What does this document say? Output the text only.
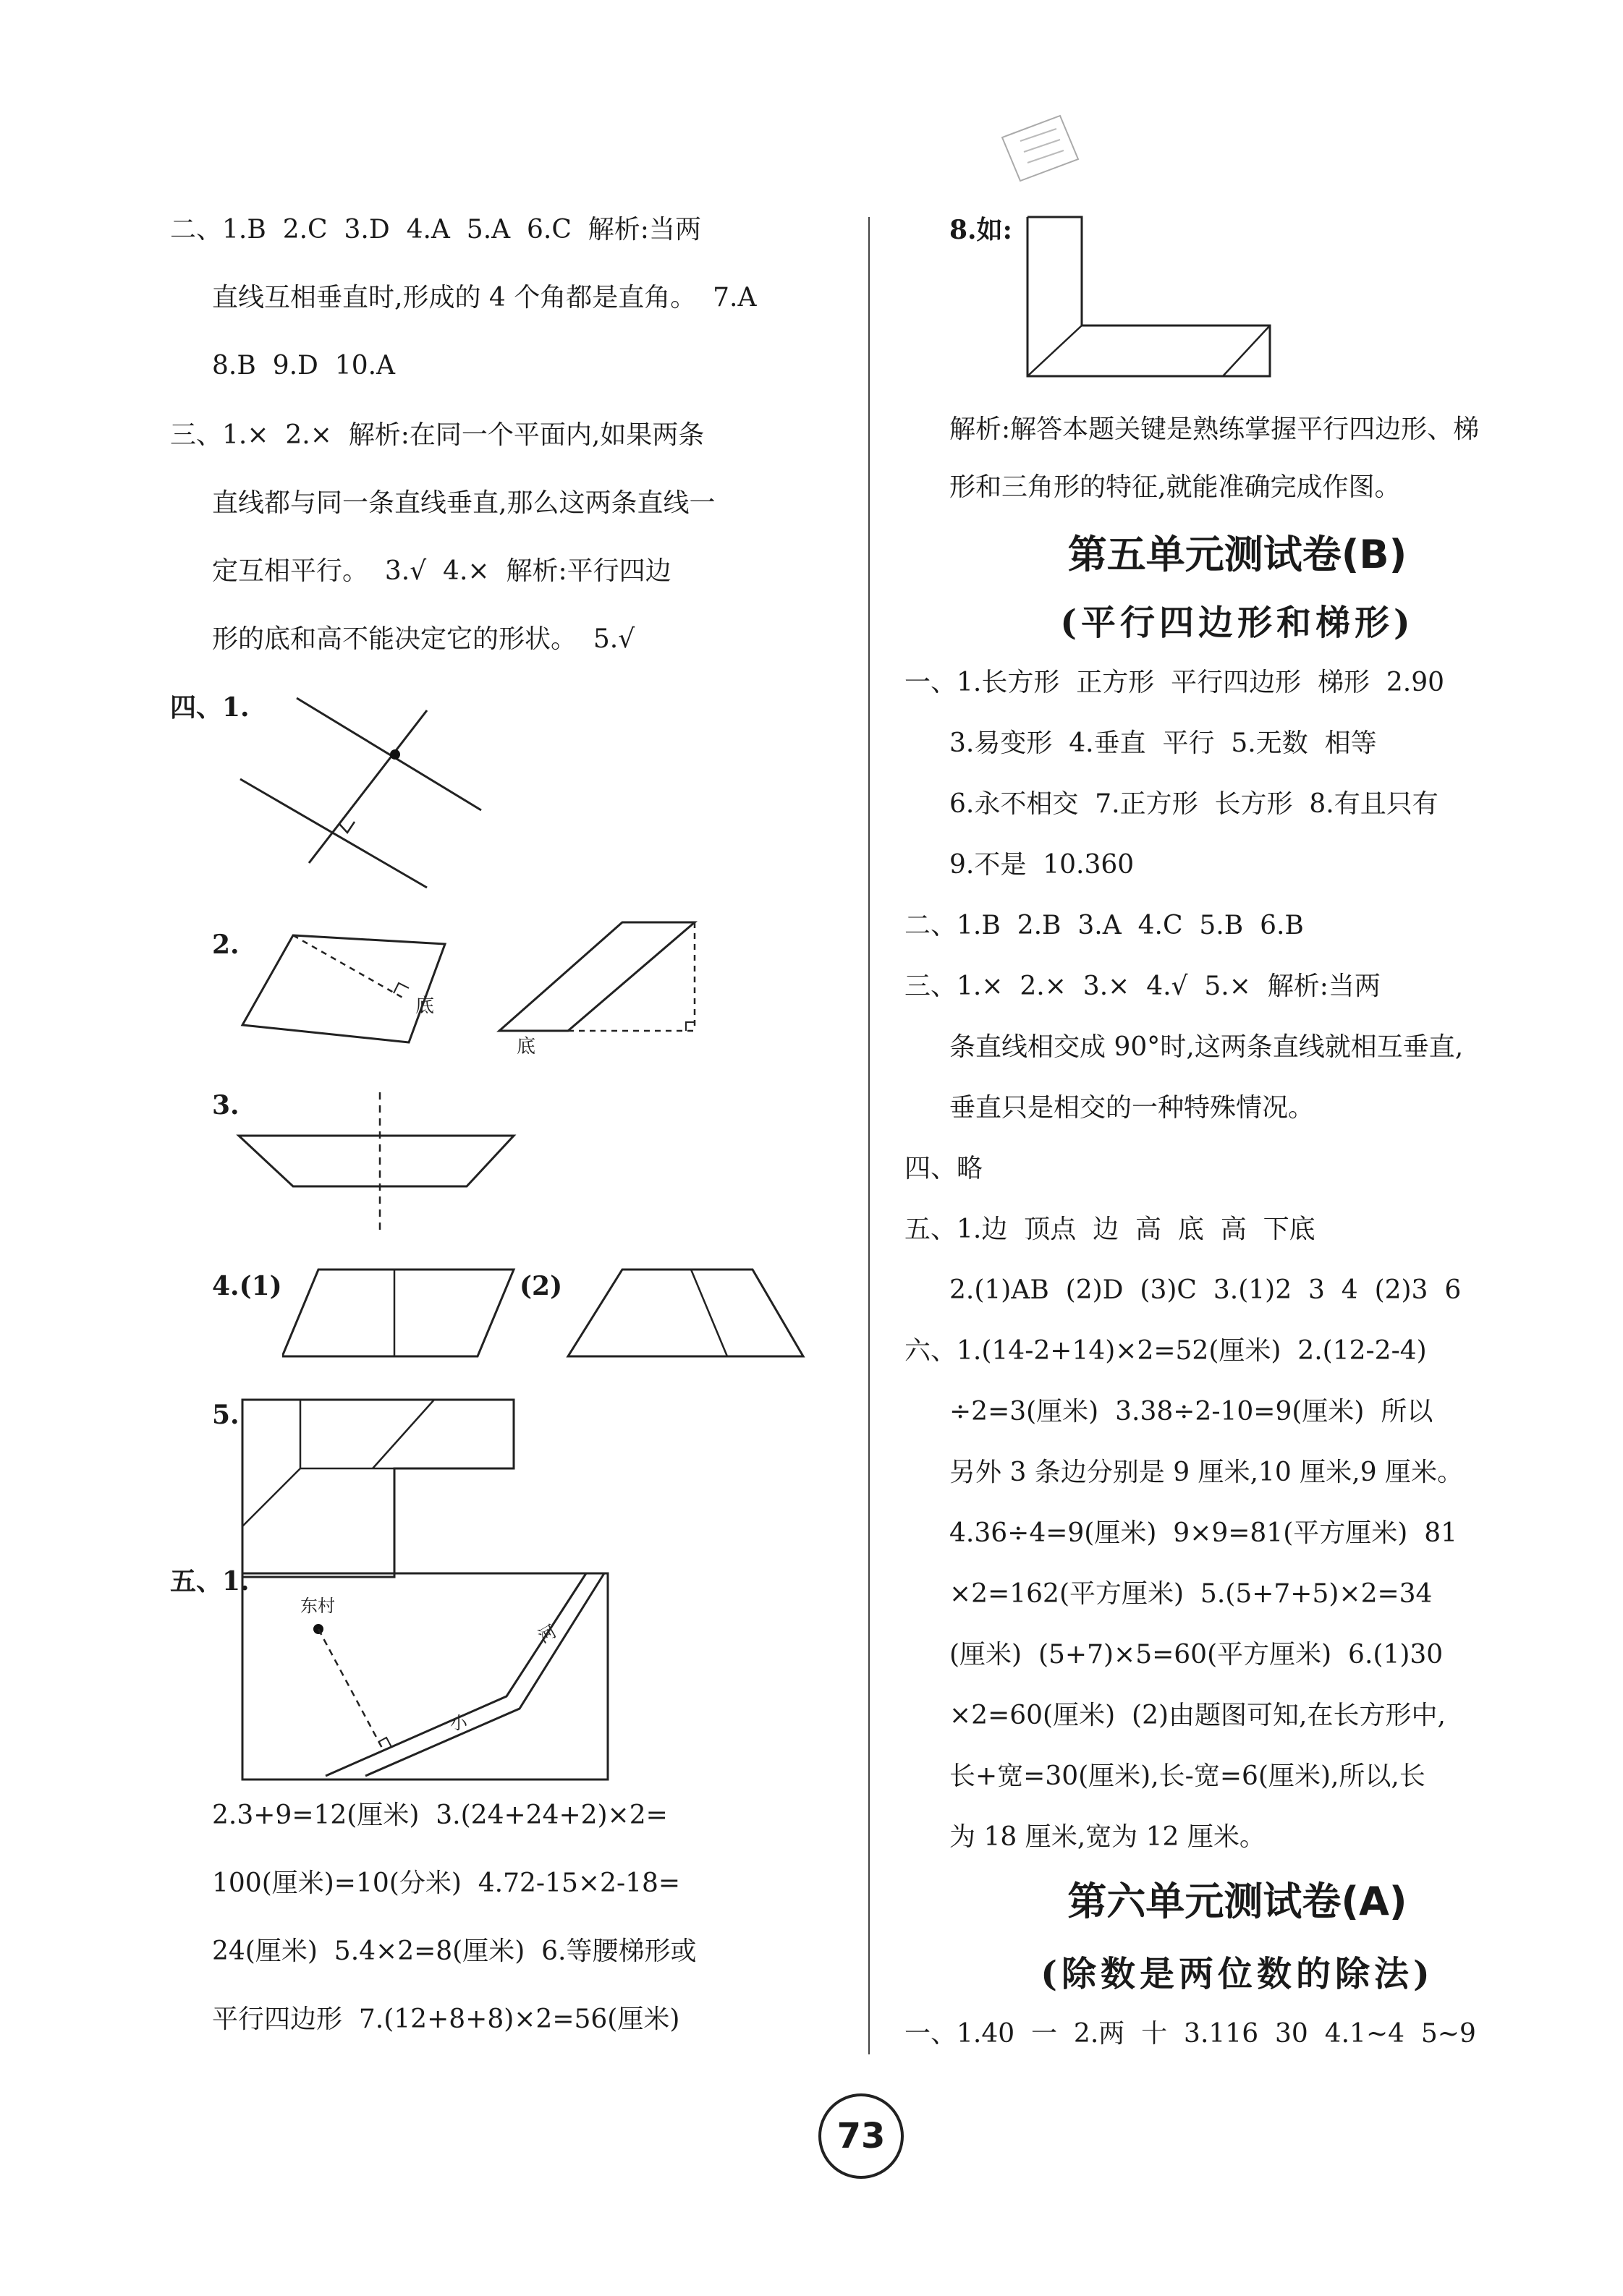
二、1.B  2.C  3.D  4.A  5.A  6.C  解析:当两
直线互相垂直时,形成的 4 个角都是直角。  7.A
8.B  9.D  10.A
三、1.×  2.×  解析:在同一个平面内,如果两条
直线都与同一条直线垂直,那么这两条直线一
定互相平行。  3.√  4.×  解析:平行四边
形的底和高不能决定它的形状。  5.√
四、1.
2.
底
底
3.
4.(1)	(2)
5.
五、1.
东村
河
小
2.3+9=12(厘米)  3.(24+24+2)×2=
100(厘米)=10(分米)  4.72-15×2-18=
24(厘米)  5.4×2=8(厘米)  6.等腰梯形或
平行四边形  7.(12+8+8)×2=56(厘米)
8.如:
解析:解答本题关键是熟练掌握平行四边形、梯
形和三角形的特征,就能准确完成作图。
第五单元测试卷(B)
(平行四边形和梯形)
一、1.长方形  正方形  平行四边形  梯形  2.90
3.易变形  4.垂直  平行  5.无数  相等
6.永不相交  7.正方形  长方形  8.有且只有
9.不是  10.360
二、1.B  2.B  3.A  4.C  5.B  6.B
三、1.×  2.×  3.×  4.√  5.×  解析:当两
条直线相交成 90°时,这两条直线就相互垂直,
垂直只是相交的一种特殊情况。
四、略
五、1.边  顶点  边  高  底  高  下底
2.(1)AB  (2)D  (3)C  3.(1)2  3  4  (2)3  6
六、1.(14-2+14)×2=52(厘米)  2.(12-2-4)
÷2=3(厘米)  3.38÷2-10=9(厘米)  所以
另外 3 条边分别是 9 厘米,10 厘米,9 厘米。
4.36÷4=9(厘米)  9×9=81(平方厘米)  81
×2=162(平方厘米)  5.(5+7+5)×2=34
(厘米)  (5+7)×5=60(平方厘米)  6.(1)30
×2=60(厘米)  (2)由题图可知,在长方形中,
长+宽=30(厘米),长-宽=6(厘米),所以,长
为 18 厘米,宽为 12 厘米。
第六单元测试卷(A)
(除数是两位数的除法)
一、1.40  一  2.两  十  3.116  30  4.1~4  5~9
73
